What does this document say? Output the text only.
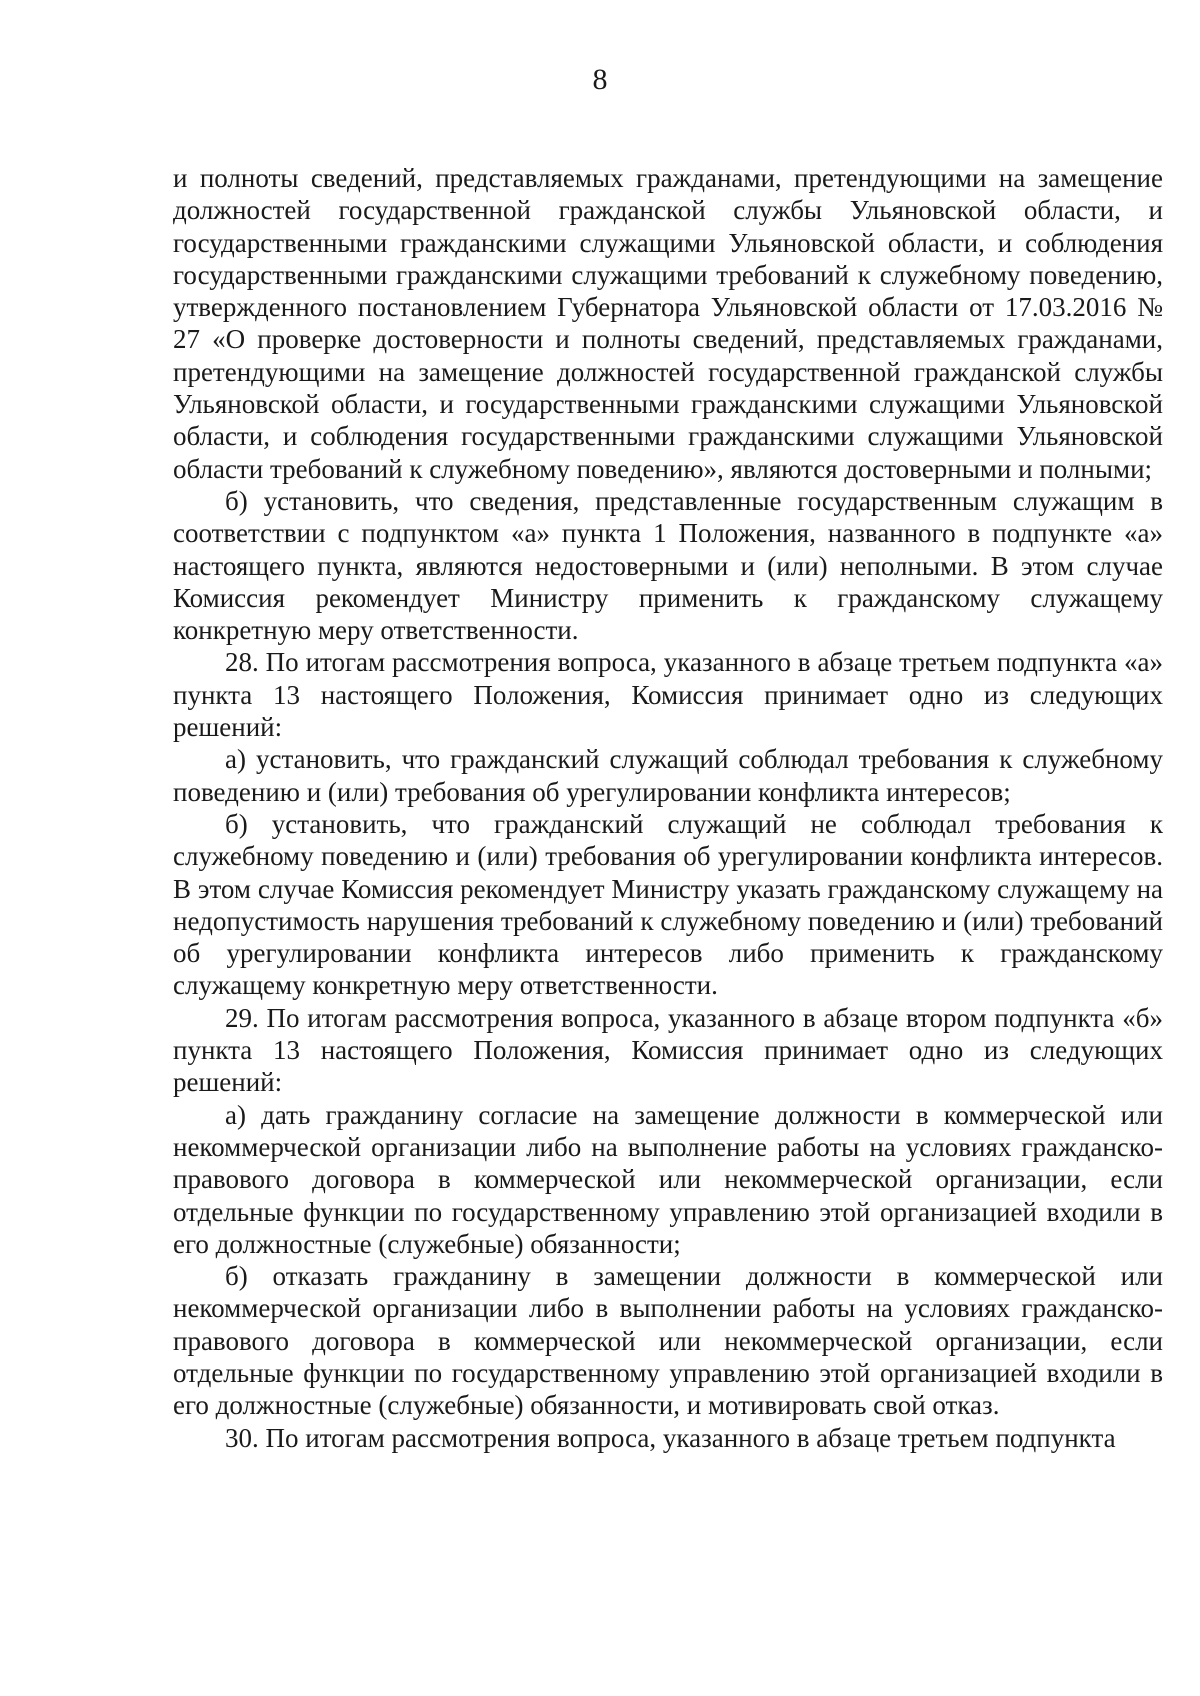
8

и полноты сведений, представляемых гражданами, претендующими на замещение должностей государственной гражданской службы Ульяновской области, и государственными гражданскими служащими Ульяновской области, и соблюдения государственными гражданскими служащими требований к служебному поведению, утвержденного постановлением Губернатора Ульяновской области от 17.03.2016 № 27 «О проверке достоверности и полноты сведений, представляемых гражданами, претендующими на замещение должностей государственной гражданской службы Ульяновской области, и государственными гражданскими служащими Ульяновской области, и соблюдения государственными гражданскими служащими Ульяновской области требований к служебному поведению», являются достоверными и полными;

б) установить, что сведения, представленные государственным служащим в соответствии с подпунктом «а» пункта 1 Положения, названного в подпункте «а» настоящего пункта, являются недостоверными и (или) неполными. В этом случае Комиссия рекомендует Министру применить к гражданскому служащему конкретную меру ответственности.

28. По итогам рассмотрения вопроса, указанного в абзаце третьем подпункта «а» пункта 13 настоящего Положения, Комиссия принимает одно из следующих решений:

а) установить, что гражданский служащий соблюдал требования к служебному поведению и (или) требования об урегулировании конфликта интересов;

б) установить, что гражданский служащий не соблюдал требования к служебному поведению и (или) требования об урегулировании конфликта интересов. В этом случае Комиссия рекомендует Министру указать гражданскому служащему на недопустимость нарушения требований к служебному поведению и (или) требований об урегулировании конфликта интересов либо применить к гражданскому служащему конкретную меру ответственности.

29. По итогам рассмотрения вопроса, указанного в абзаце втором подпункта «б» пункта 13 настоящего Положения, Комиссия принимает одно из следующих решений:

а) дать гражданину согласие на замещение должности в коммерческой или некоммерческой организации либо на выполнение работы на условиях гражданско-правового договора в коммерческой или некоммерческой организации, если отдельные функции по государственному управлению этой организацией входили в его должностные (служебные) обязанности;

б) отказать гражданину в замещении должности в коммерческой или некоммерческой организации либо в выполнении работы на условиях гражданско-правового договора в коммерческой или некоммерческой организации, если отдельные функции по государственному управлению этой организацией входили в его должностные (служебные) обязанности, и мотивировать свой отказ.

30. По итогам рассмотрения вопроса, указанного в абзаце третьем подпункта
